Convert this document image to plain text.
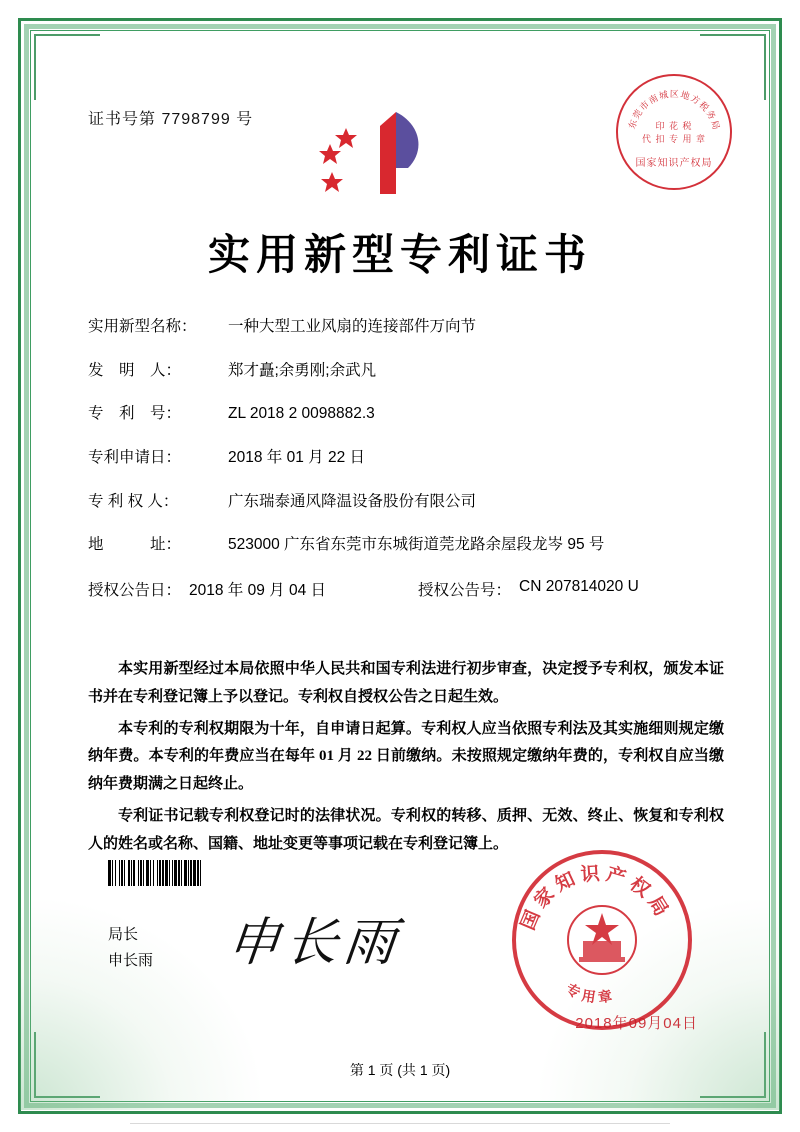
证书号第 7798799 号	东莞市南城区地方税务局
印 花 税
代 扣 专 用 章
国家知识产权局
实用新型专利证书
实用新型名称：	一种大型工业风扇的连接部件万向节
发　明　人：	郑才矗;余勇刚;余武凡
专　利　号：	ZL 2018 2 0098882.3
专利申请日：	2018 年 01 月 22 日
专 利 权 人：	广东瑞泰通风降温设备股份有限公司
地　　　址：	523000 广东省东莞市东城街道莞龙路余屋段龙岑 95 号
授权公告日： 2018 年 09 月 04 日	授权公告号： CN 207814020 U

本实用新型经过本局依照中华人民共和国专利法进行初步审查，决定授予专利权，颁发本证书并在专利登记簿上予以登记。专利权自授权公告之日起生效。

本专利的专利权期限为十年，自申请日起算。专利权人应当依照专利法及其实施细则规定缴纳年费。本专利的年费应当在每年 01 月 22 日前缴纳。未按照规定缴纳年费的，专利权自应当缴纳年费期满之日起终止。

专利证书记载专利权登记时的法律状况。专利权的转移、质押、无效、终止、恢复和专利权人的姓名或名称、国籍、地址变更等事项记载在专利登记簿上。

局长
申长雨 申长雨	国家知识产权局
专用章
2018年09月04日
第 1 页 (共 1 页)
